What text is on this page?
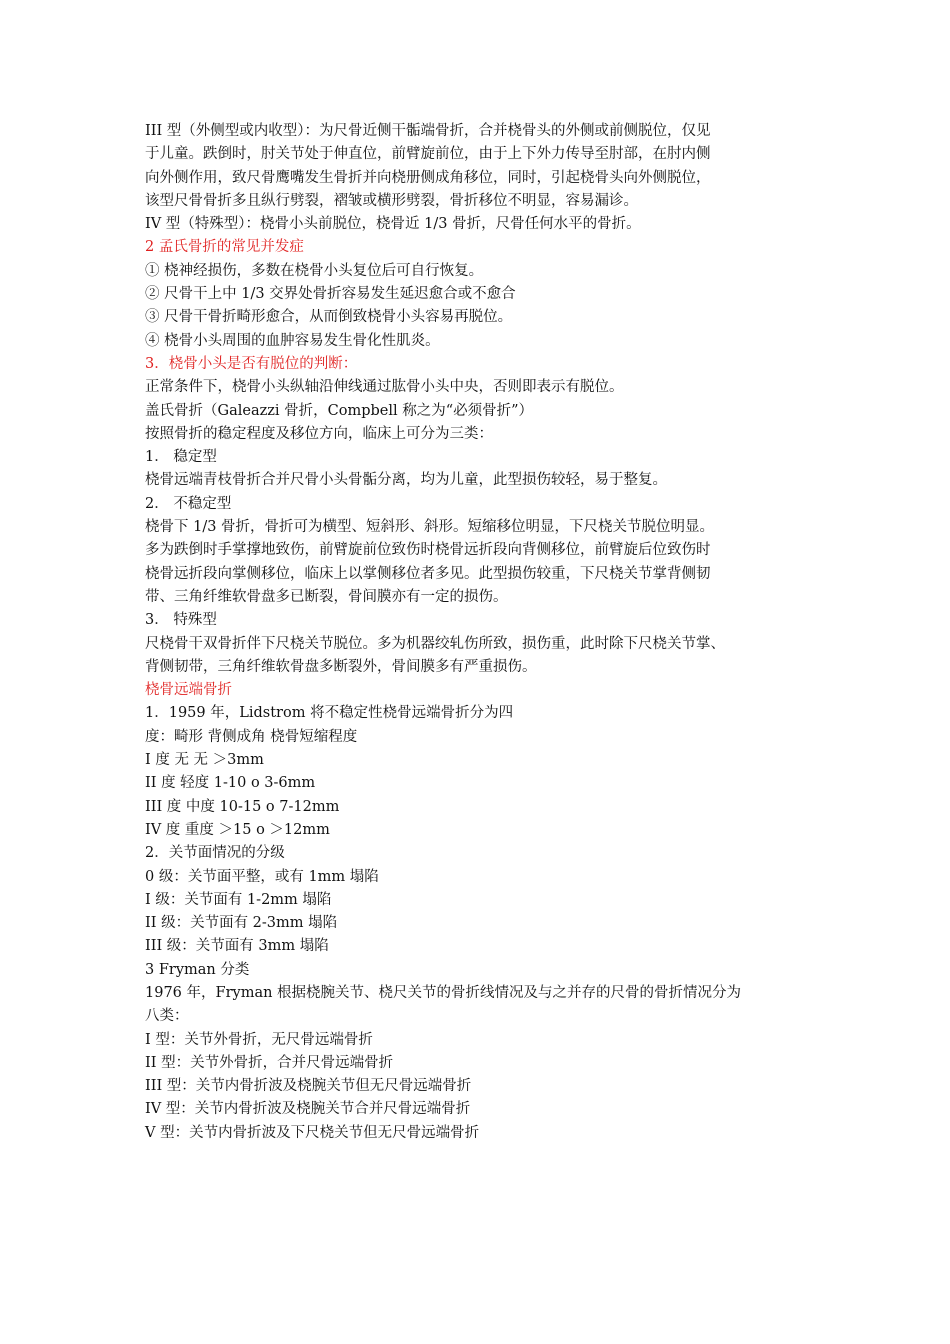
III 型（外侧型或内收型）：为尺骨近侧干骺端骨折，合并桡骨头的外侧或前侧脱位，仅见
于儿童。跌倒时，肘关节处于伸直位，前臂旋前位，由于上下外力传导至肘部，在肘内侧
向外侧作用，致尺骨鹰嘴发生骨折并向桡册侧成角移位，同时，引起桡骨头向外侧脱位，
该型尺骨骨折多且纵行劈裂，褶皱或横形劈裂，骨折移位不明显，容易漏诊。
IV 型（特殊型）：桡骨小头前脱位，桡骨近 1/3 骨折，尺骨任何水平的骨折。
2 孟氏骨折的常见并发症
① 桡神经损伤，多数在桡骨小头复位后可自行恢复。
② 尺骨干上中 1/3 交界处骨折容易发生延迟愈合或不愈合
③ 尺骨干骨折畸形愈合，从而倒致桡骨小头容易再脱位。
④ 桡骨小头周围的血肿容易发生骨化性肌炎。
3．桡骨小头是否有脱位的判断：
正常条件下，桡骨小头纵轴沿伸线通过肱骨小头中央，否则即表示有脱位。
盖氏骨折（Galeazzi 骨折，Compbell 称之为“必须骨折”）
按照骨折的稳定程度及移位方向，临床上可分为三类：
1． 稳定型
桡骨远端青枝骨折合并尺骨小头骨骺分离，均为儿童，此型损伤较轻，易于整复。
2． 不稳定型
桡骨下 1/3 骨折，骨折可为横型、短斜形、斜形。短缩移位明显，下尺桡关节脱位明显。
多为跌倒时手掌撑地致伤，前臂旋前位致伤时桡骨远折段向背侧移位，前臂旋后位致伤时
桡骨远折段向掌侧移位，临床上以掌侧移位者多见。此型损伤较重，下尺桡关节掌背侧韧
带、三角纤维软骨盘多已断裂，骨间膜亦有一定的损伤。
3． 特殊型
尺桡骨干双骨折伴下尺桡关节脱位。多为机器绞轧伤所致，损伤重，此时除下尺桡关节掌、
背侧韧带，三角纤维软骨盘多断裂外，骨间膜多有严重损伤。
桡骨远端骨折
1．1959 年，Lidstrom 将不稳定性桡骨远端骨折分为四
度：畸形 背侧成角 桡骨短缩程度
I 度 无 无 ＞3mm
II 度 轻度 1-10 o 3-6mm
III 度 中度 10-15 o 7-12mm
IV 度 重度 ＞15 o ＞12mm
2．关节面情况的分级
0 级：关节面平整，或有 1mm 塌陷
I 级：关节面有 1-2mm 塌陷
II 级：关节面有 2-3mm 塌陷
III 级：关节面有 3mm 塌陷
3 Fryman 分类
1976 年，Fryman 根据桡腕关节、桡尺关节的骨折线情况及与之并存的尺骨的骨折情况分为
八类：
I 型：关节外骨折，无尺骨远端骨折
II 型：关节外骨折，合并尺骨远端骨折
III 型：关节内骨折波及桡腕关节但无尺骨远端骨折
IV 型：关节内骨折波及桡腕关节合并尺骨远端骨折
V 型：关节内骨折波及下尺桡关节但无尺骨远端骨折
